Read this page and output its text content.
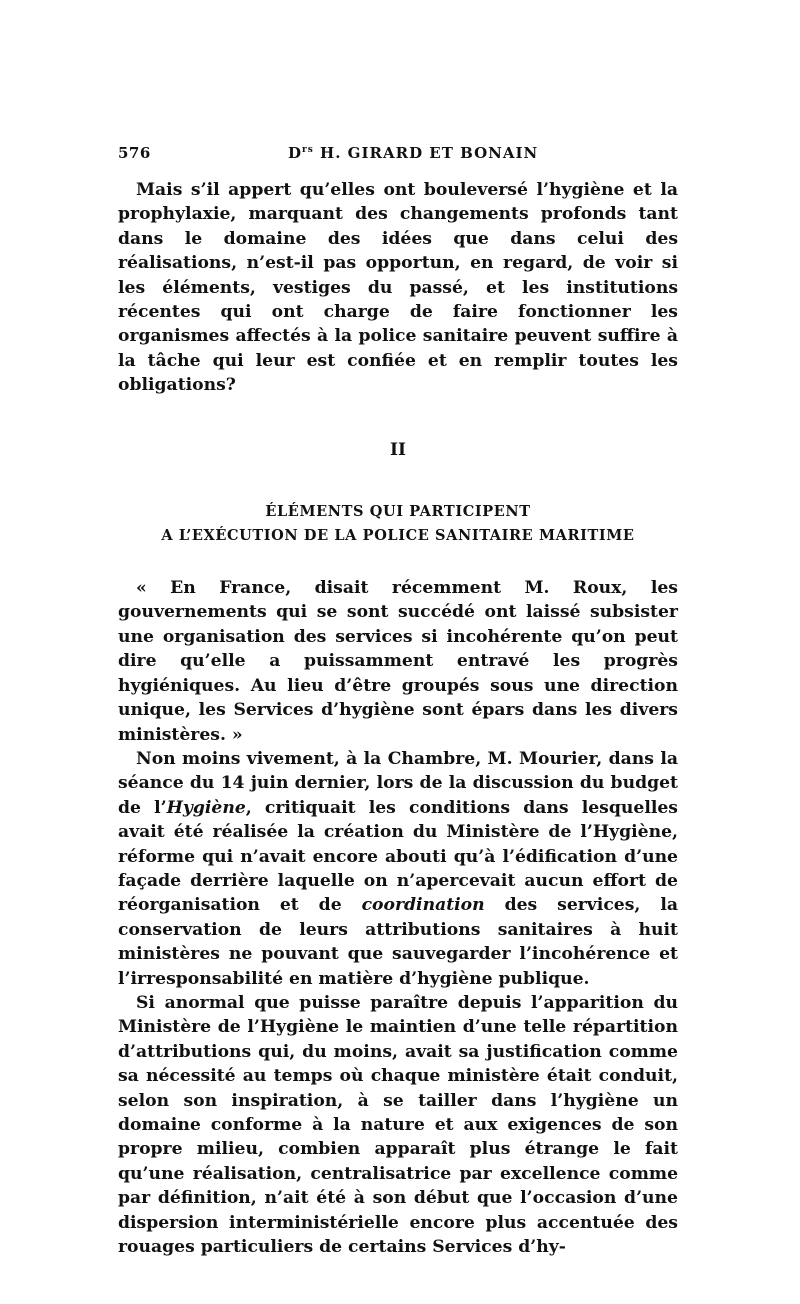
576	$D^{rs}$ H. GIRARD ET BONAIN

Mais s’il appert qu’elles ont bouleversé l’hygiène et la prophylaxie, marquant des changements profonds tant dans le domaine des idées que dans celui des réalisations, n’est-il pas opportun, en regard, de voir si les éléments, vestiges du passé, et les institutions récentes qui ont charge de faire fonctionner les organismes affectés à la police sanitaire peuvent suffire à la tâche qui leur est confiée et en remplir toutes les obligations?

II

ÉLÉMENTS QUI PARTICIPENT

A L’EXÉCUTION DE LA POLICE SANITAIRE MARITIME

« En France, disait récemment M. Roux, les gouvernements qui se sont succédé ont laissé subsister une organisation des services si incohérente qu’on peut dire qu’elle a puissamment entravé les progrès hygiéniques. Au lieu d’être groupés sous une direction unique, les Services d’hygiène sont épars dans les divers ministères. »

Non moins vivement, à la Chambre, M. Mourier, dans la séance du 14 juin dernier, lors de la discussion du budget de l’Hygiène, critiquait les conditions dans lesquelles avait été réalisée la création du Ministère de l’Hygiène, réforme qui n’avait encore abouti qu’à l’édification d’une façade derrière laquelle on n’apercevait aucun effort de réorganisation et de coordination des services, la conservation de leurs attributions sanitaires à huit ministères ne pouvant que sauvegarder l’incohérence et l’irresponsabilité en matière d’hygiène publique.

Si anormal que puisse paraître depuis l’apparition du Ministère de l’Hygiène le maintien d’une telle répartition d’attributions qui, du moins, avait sa justification comme sa nécessité au temps où chaque ministère était conduit, selon son inspiration, à se tailler dans l’hygiène un domaine conforme à la nature et aux exigences de son propre milieu, combien apparaît plus étrange le fait qu’une réalisation, centralisatrice par excellence comme par définition, n’ait été à son début que l’occasion d’une dispersion interministérielle encore plus accentuée des rouages particuliers de certains Services d’hy-
